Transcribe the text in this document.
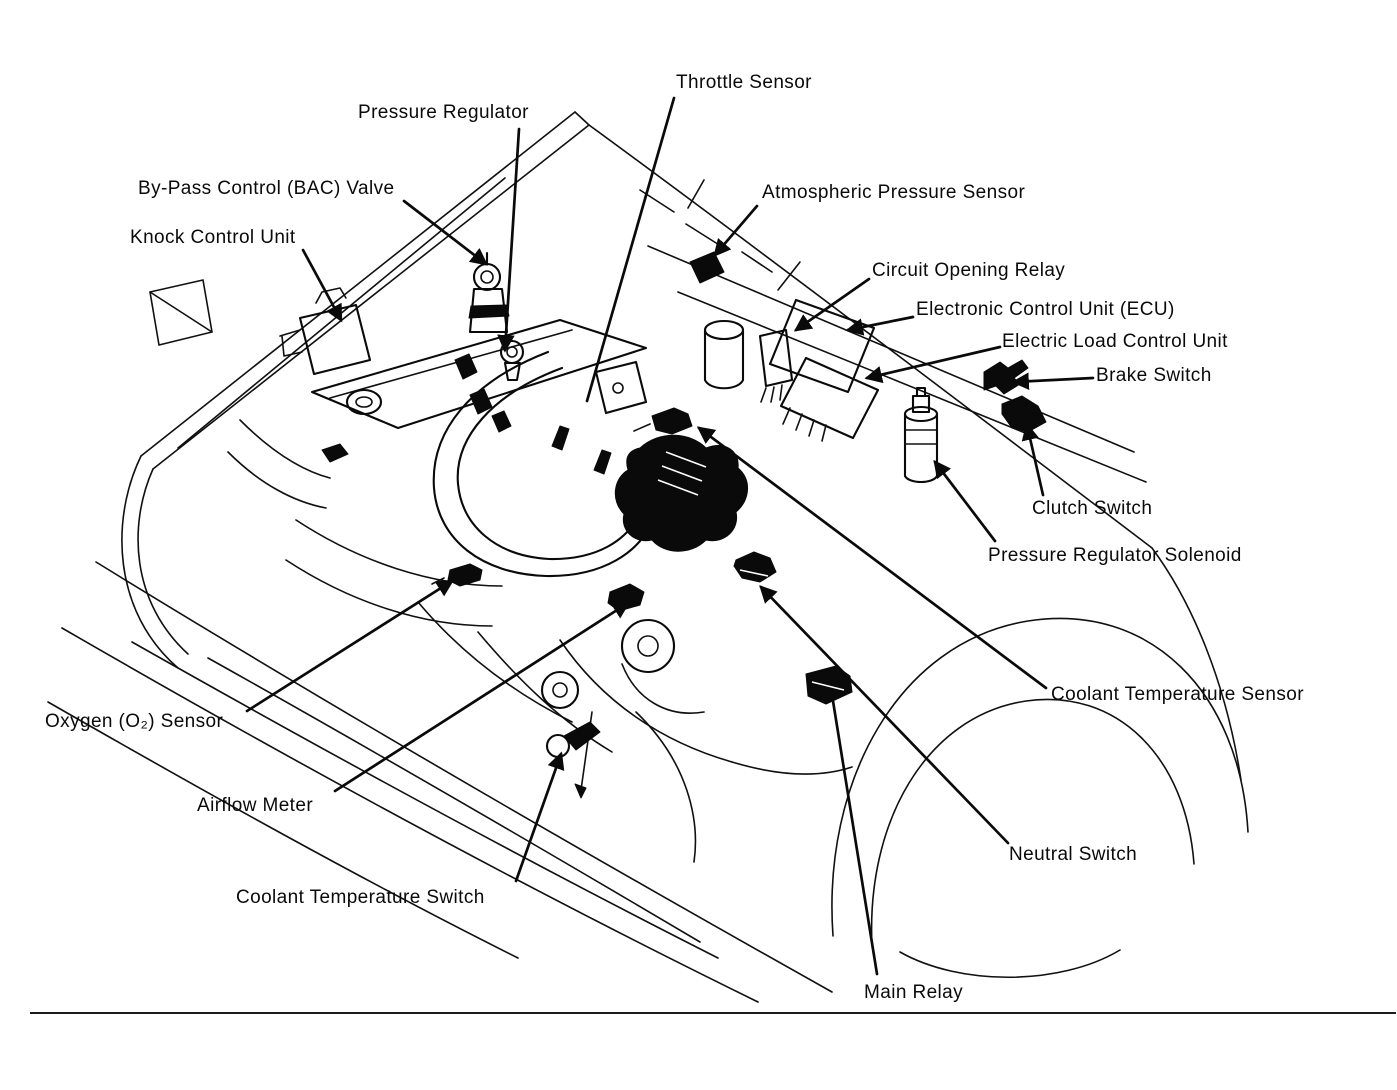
Throttle Sensor
Pressure Regulator
By-Pass Control (BAC) Valve
Knock Control Unit
Atmospheric Pressure Sensor
Circuit Opening Relay
Electronic Control Unit (ECU)
Electric Load Control Unit
Brake Switch
Clutch Switch
Pressure Regulator Solenoid
Coolant Temperature Sensor
Oxygen (O₂) Sensor
Airflow Meter
Coolant Temperature Switch
Neutral Switch
Main Relay
